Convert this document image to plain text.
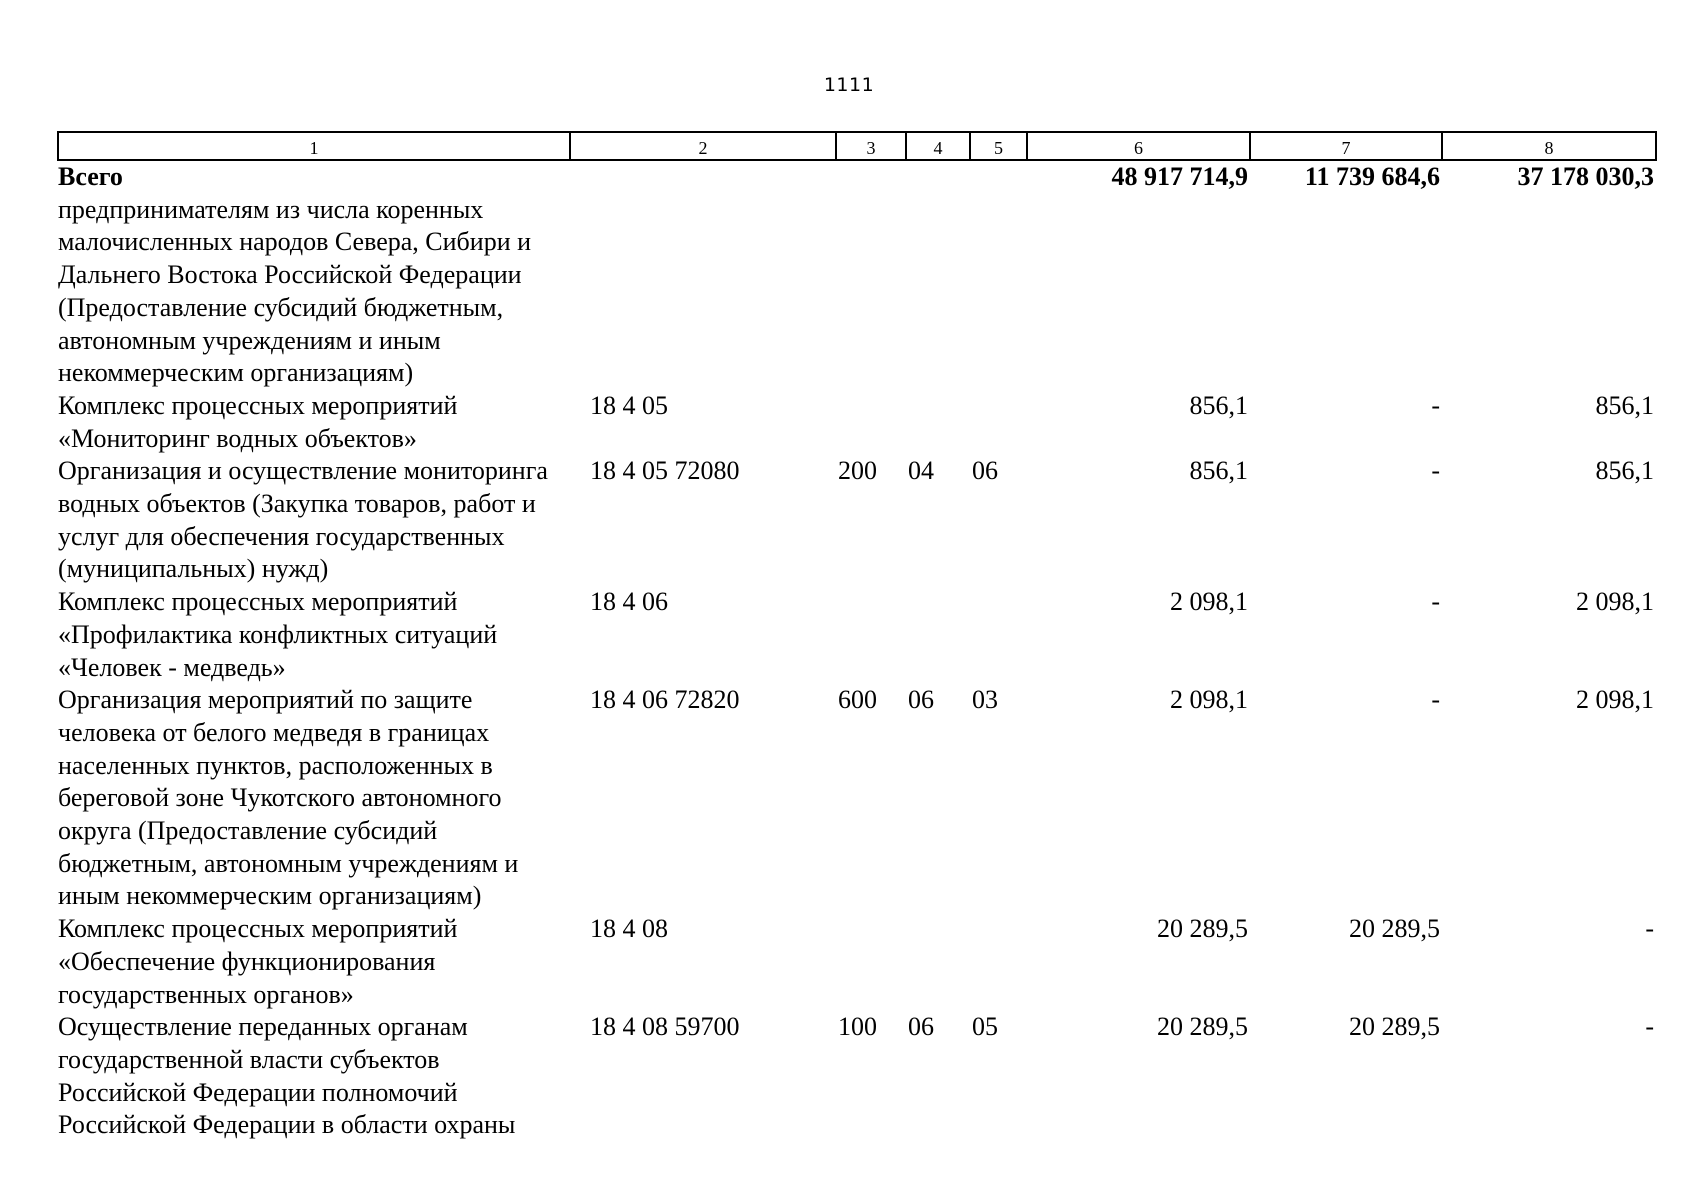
1111
1	2	3	4	5	6	7	8
Всего					48 917 714,9	11 739 684,6	37 178 030,3
предпринимателям из числа коренных малочисленных народов Севера, Сибири и Дальнего Востока Российской Федерации (Предоставление субсидий бюджетным, автономным учреждениям и иным некоммерческим организациям)							
Комплекс процессных мероприятий «Мониторинг водных объектов»	18 4 05				856,1	-	856,1
Организация и осуществление мониторинга водных объектов (Закупка товаров, работ и услуг для обеспечения государственных (муниципальных) нужд)	18 4 05 72080	200	04	06	856,1	-	856,1
Комплекс процессных мероприятий «Профилактика конфликтных ситуаций «Человек - медведь»	18 4 06				2 098,1	-	2 098,1
Организация мероприятий по защите человека от белого медведя в границах населенных пунктов, расположенных в береговой зоне Чукотского автономного округа (Предоставление субсидий бюджетным, автономным учреждениям и иным некоммерческим организациям)	18 4 06 72820	600	06	03	2 098,1	-	2 098,1
Комплекс процессных мероприятий «Обеспечение функционирования государственных органов»	18 4 08				20 289,5	20 289,5	-
Осуществление переданных органам государственной власти субъектов Российской Федерации полномочий Российской Федерации в области охраны	18 4 08 59700	100	06	05	20 289,5	20 289,5	-
